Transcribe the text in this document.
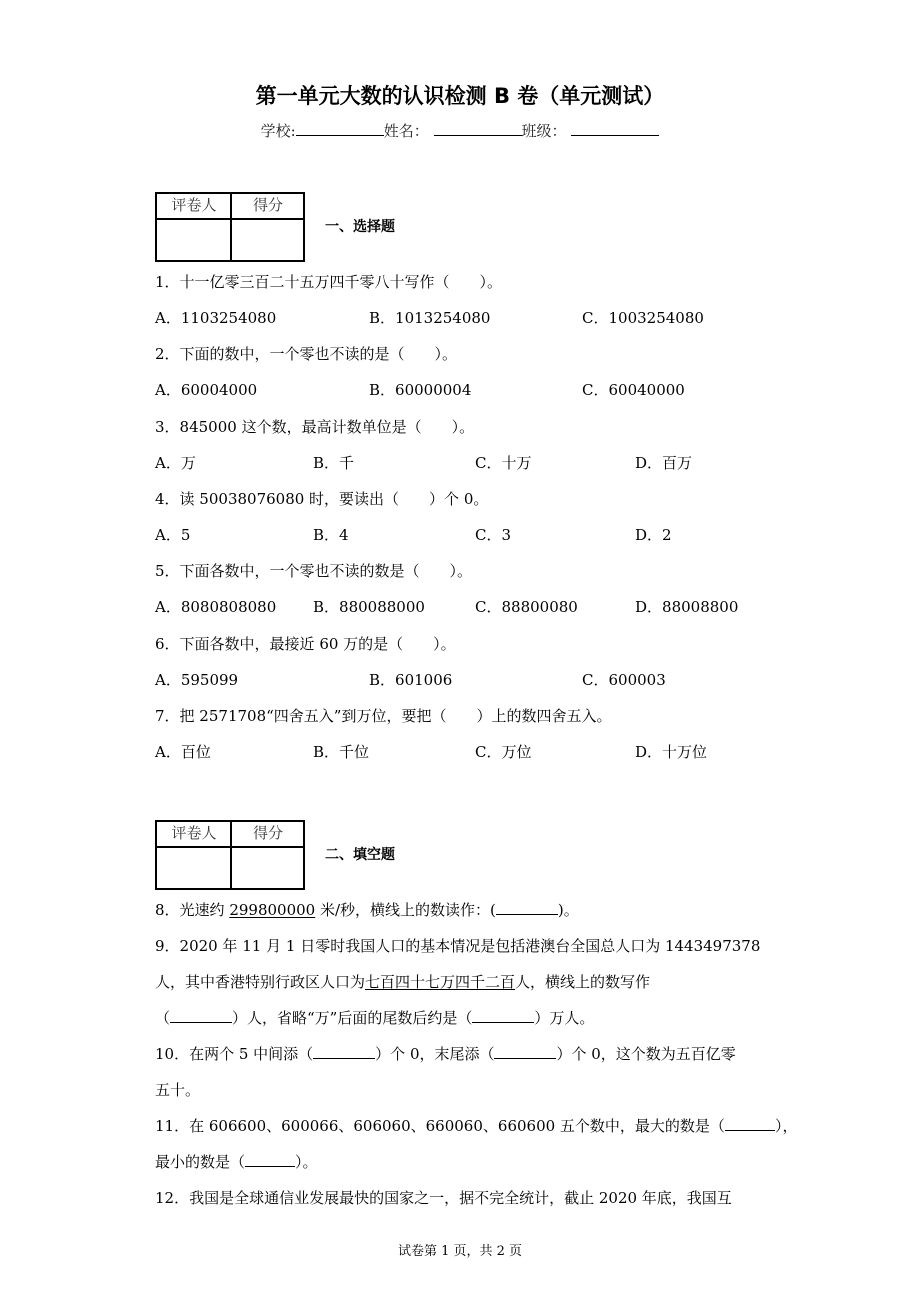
第一单元大数的认识检测 B 卷（单元测试）
学校:	姓名：	班级：
评卷人	得分
一、选择题
1．十一亿零三百二十五万四千零八十写作（　　）。
A．1103254080	B．1013254080	C．1003254080
2．下面的数中，一个零也不读的是（　　）。
A．60004000	B．60000004	C．60040000
3．845000 这个数，最高计数单位是（　　）。
A．万	B．千	C．十万	D．百万
4．读 50038076080 时，要读出（　　）个 0。
A．5	B．4	C．3	D．2
5．下面各数中，一个零也不读的数是（　　）。
A．8080808080 B．880088000	C．88800080	D．88008800
6．下面各数中，最接近 60 万的是（　　）。
A．595099	B．601006	C．600003
7．把 2571708“四舍五入”到万位，要把（　　）上的数四舍五入。
A．百位	B．千位	C．万位	D．十万位
评卷人	得分
二、填空题
8．光速约 299800000 米/秒，横线上的数读作：(	)。
9．2020 年 11 月 1 日零时我国人口的基本情况是包括港澳台全国总人口为 1443497378
人，其中香港特别行政区人口为七百四十七万四千二百人，横线上的数写作
（	）人，省略“万”后面的尾数后约是（	）万人。
10．在两个 5 中间添（	）个 0，末尾添（	）个 0，这个数为五百亿零
五十。
11．在 606600、600066、606060、660060、660600 五个数中，最大的数是（	），
最小的数是（	）。
12．我国是全球通信业发展最快的国家之一，据不完全统计，截止 2020 年底，我国互
试卷第 1 页，共 2 页
